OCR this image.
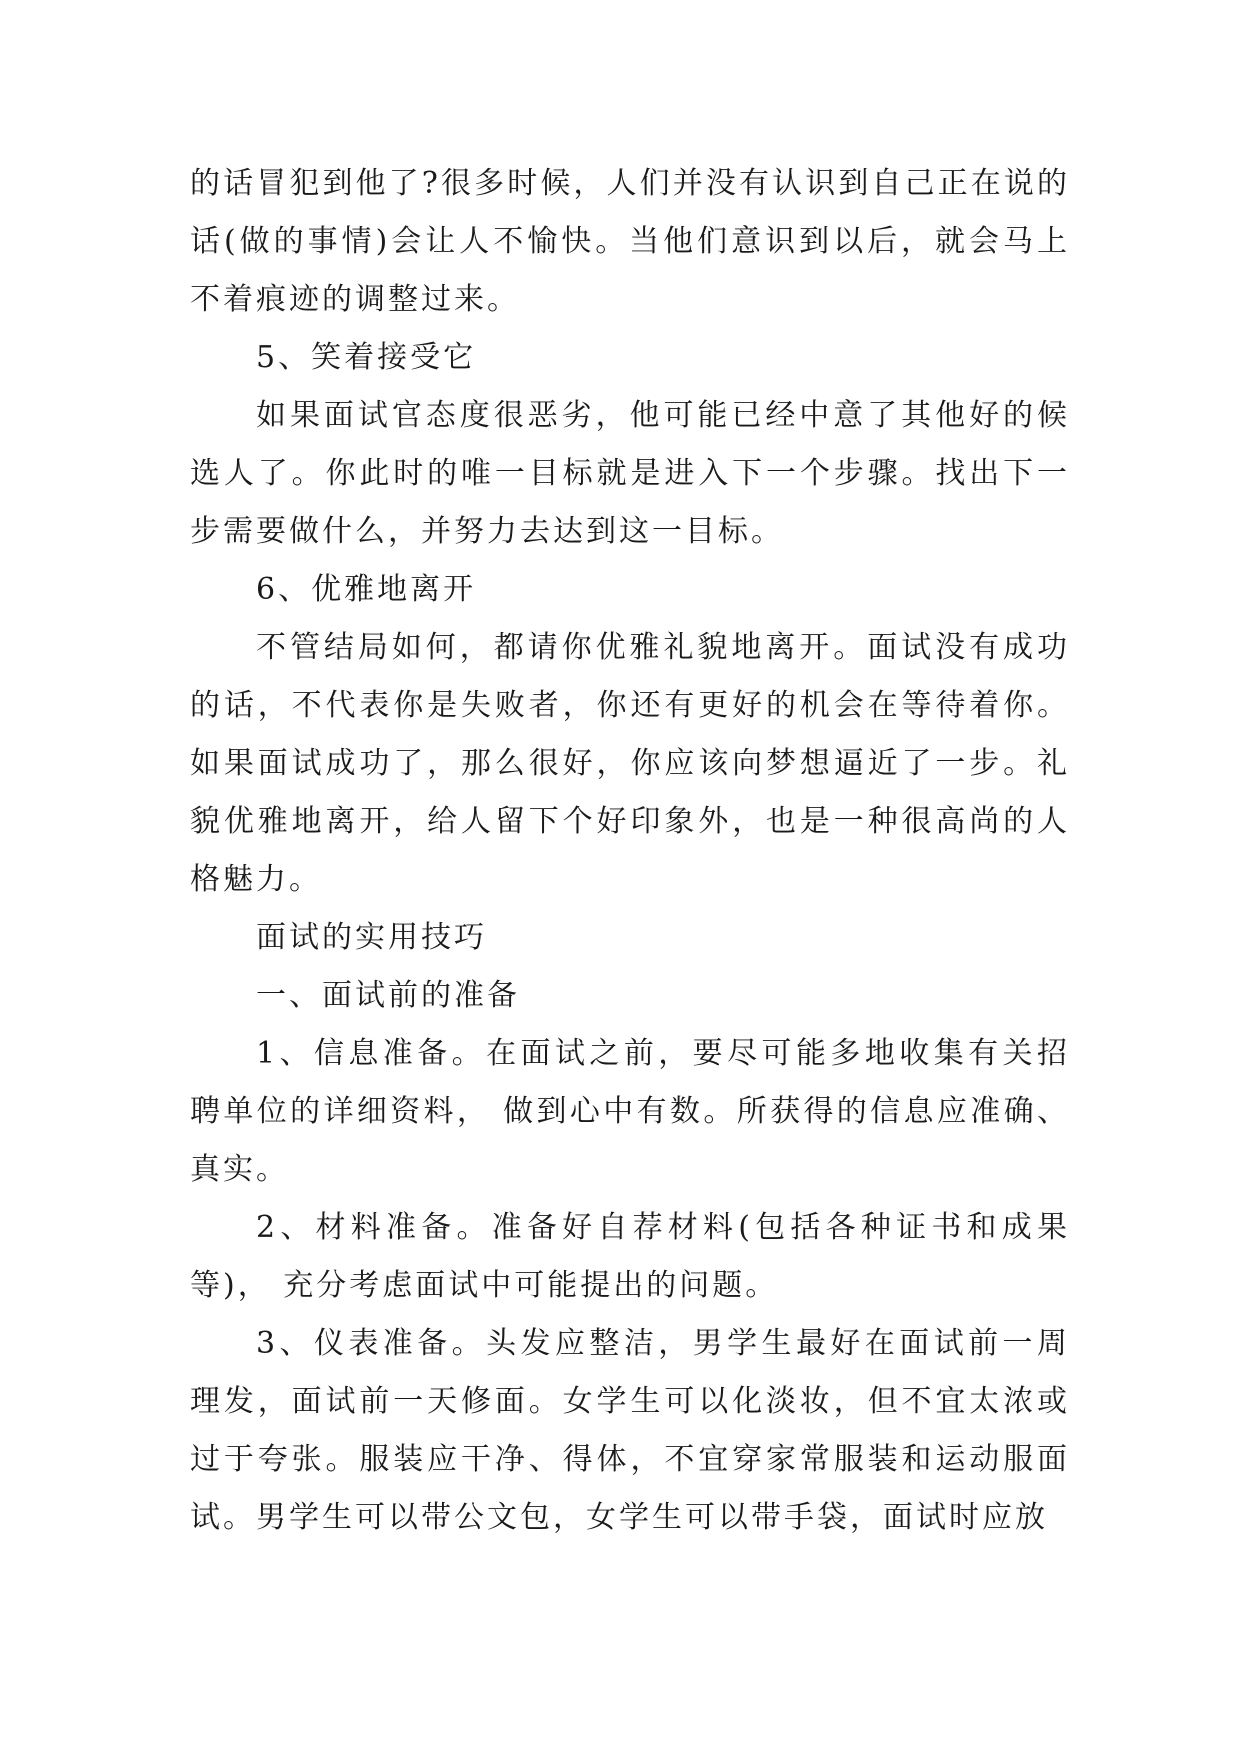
的话冒犯到他了?很多时候，人们并没有认识到自己正在说的话(做的事情)会让人不愉快。当他们意识到以后，就会马上不着痕迹的调整过来。

5、笑着接受它

如果面试官态度很恶劣，他可能已经中意了其他好的候选人了。你此时的唯一目标就是进入下一个步骤。找出下一步需要做什么，并努力去达到这一目标。

6、优雅地离开

不管结局如何，都请你优雅礼貌地离开。面试没有成功的话，不代表你是失败者，你还有更好的机会在等待着你。如果面试成功了，那么很好，你应该向梦想逼近了一步。礼貌优雅地离开，给人留下个好印象外，也是一种很高尚的人格魅力。

面试的实用技巧

一、面试前的准备

1、信息准备。在面试之前，要尽可能多地收集有关招聘单位的详细资料， 做到心中有数。所获得的信息应准确、真实。

2、材料准备。准备好自荐材料(包括各种证书和成果等)， 充分考虑面试中可能提出的问题。

3、仪表准备。头发应整洁，男学生最好在面试前一周理发，面试前一天修面。女学生可以化淡妆，但不宜太浓或过于夸张。服装应干净、得体，不宜穿家常服装和运动服面试。男学生可以带公文包，女学生可以带手袋，面试时应放
